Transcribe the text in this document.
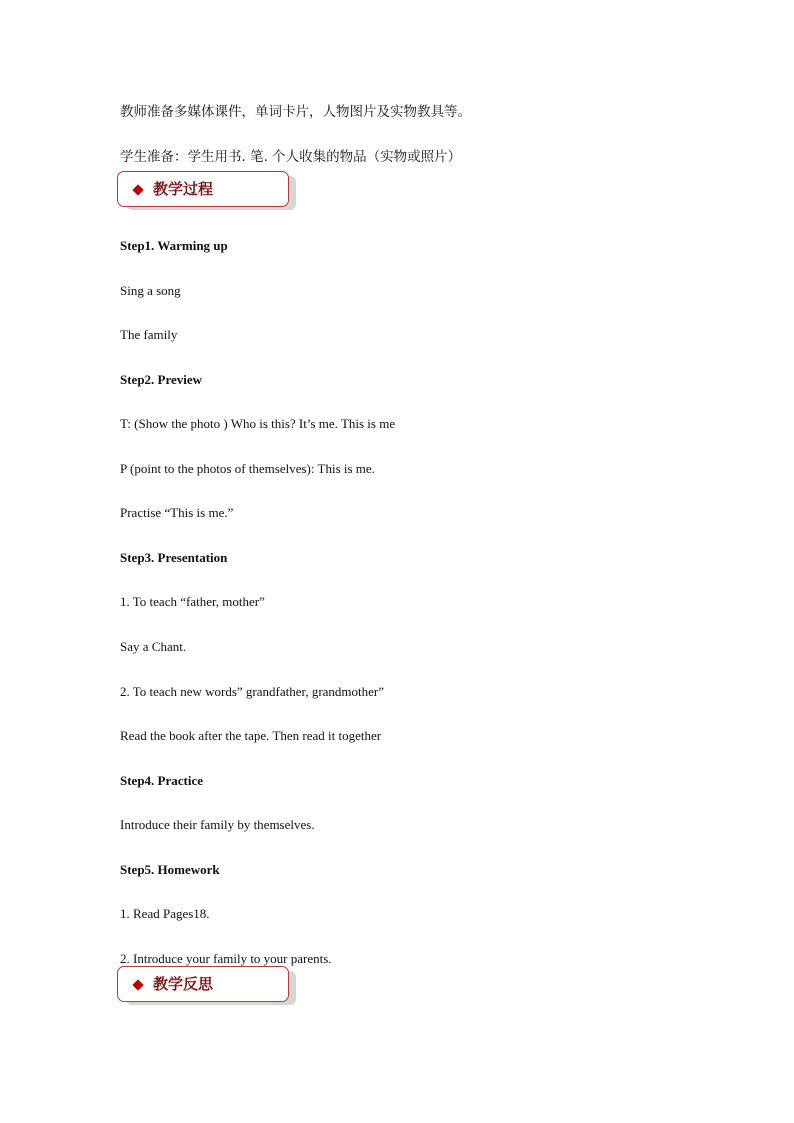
教师准备多媒体课件，单词卡片，人物图片及实物教具等。
学生准备：学生用书. 笔. 个人收集的物品（实物或照片）
教学过程
Step1. Warming up
Sing a song
The family
Step2. Preview
T: (Show the photo ) Who is this? It’s me. This is me
P (point to the photos of themselves): This is me.
Practise “This is me.”
Step3. Presentation
1. To teach “father, mother”
Say a Chant.
2. To teach new words” grandfather, grandmother”
Read the book after the tape. Then read it together
Step4. Practice
Introduce their family by themselves.
Step5. Homework
1. Read Pages18.
2. Introduce your family to your parents.
教学反思
